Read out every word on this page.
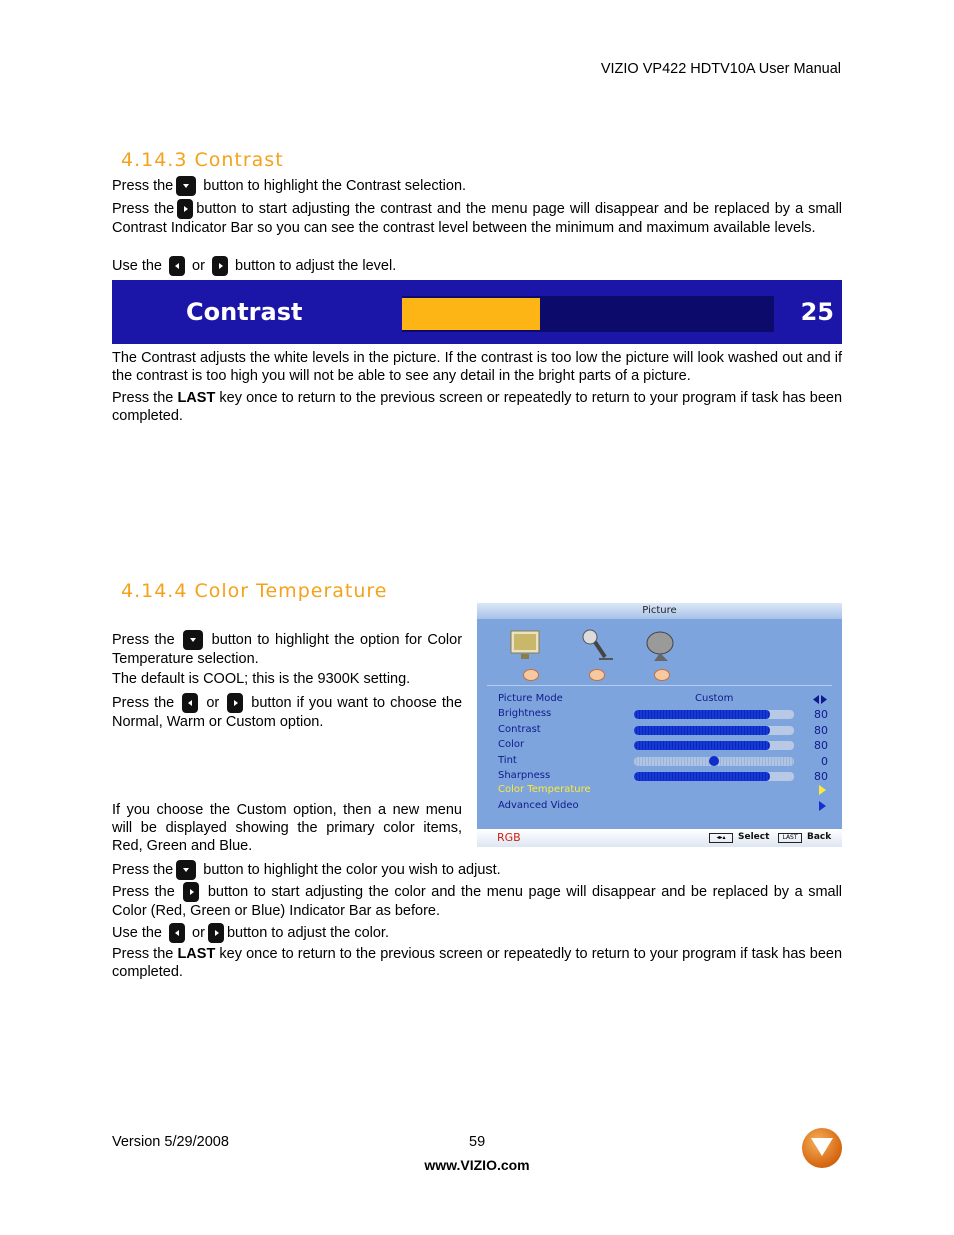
VIZIO VP422 HDTV10A User Manual
4.14.3 Contrast
Press the button to highlight the Contrast selection.
Press the button to start adjusting the contrast and the menu page will disappear and be replaced by a small Contrast Indicator Bar so you can see the contrast level between the minimum and maximum available levels.
Use the or button to adjust the level.
Contrast	25
The Contrast adjusts the white levels in the picture. If the contrast is too low the picture will look washed out and if the contrast is too high you will not be able to see any detail in the bright parts of a picture.
Press the LAST key once to return to the previous screen or repeatedly to return to your program if task has been completed.
4.14.4 Color Temperature
Press the	button to highlight the option for Color Temperature selection.
The default is COOL; this is the 9300K setting.
Press the or button if you want to choose the Normal, Warm or Custom option.
If you choose the Custom option, then a new menu will be displayed showing the primary color items, Red, Green and Blue.
Picture
Picture Mode	Custom
Brightness	80
Contrast	80
Color	80
Tint	0
Sharpness	80
Color Temperature
Advanced Video
RGB	◂▸▴	Select	LAST	Back
Press the button to highlight the color you wish to adjust.
Press the button to start adjusting the color and the menu page will disappear and be replaced by a small Color (Red, Green or Blue) Indicator Bar as before.
Use the or button to adjust the color.
Press the LAST key once to return to the previous screen or repeatedly to return to your program if task has been completed.
Version 5/29/2008	59
www.VIZIO.com
